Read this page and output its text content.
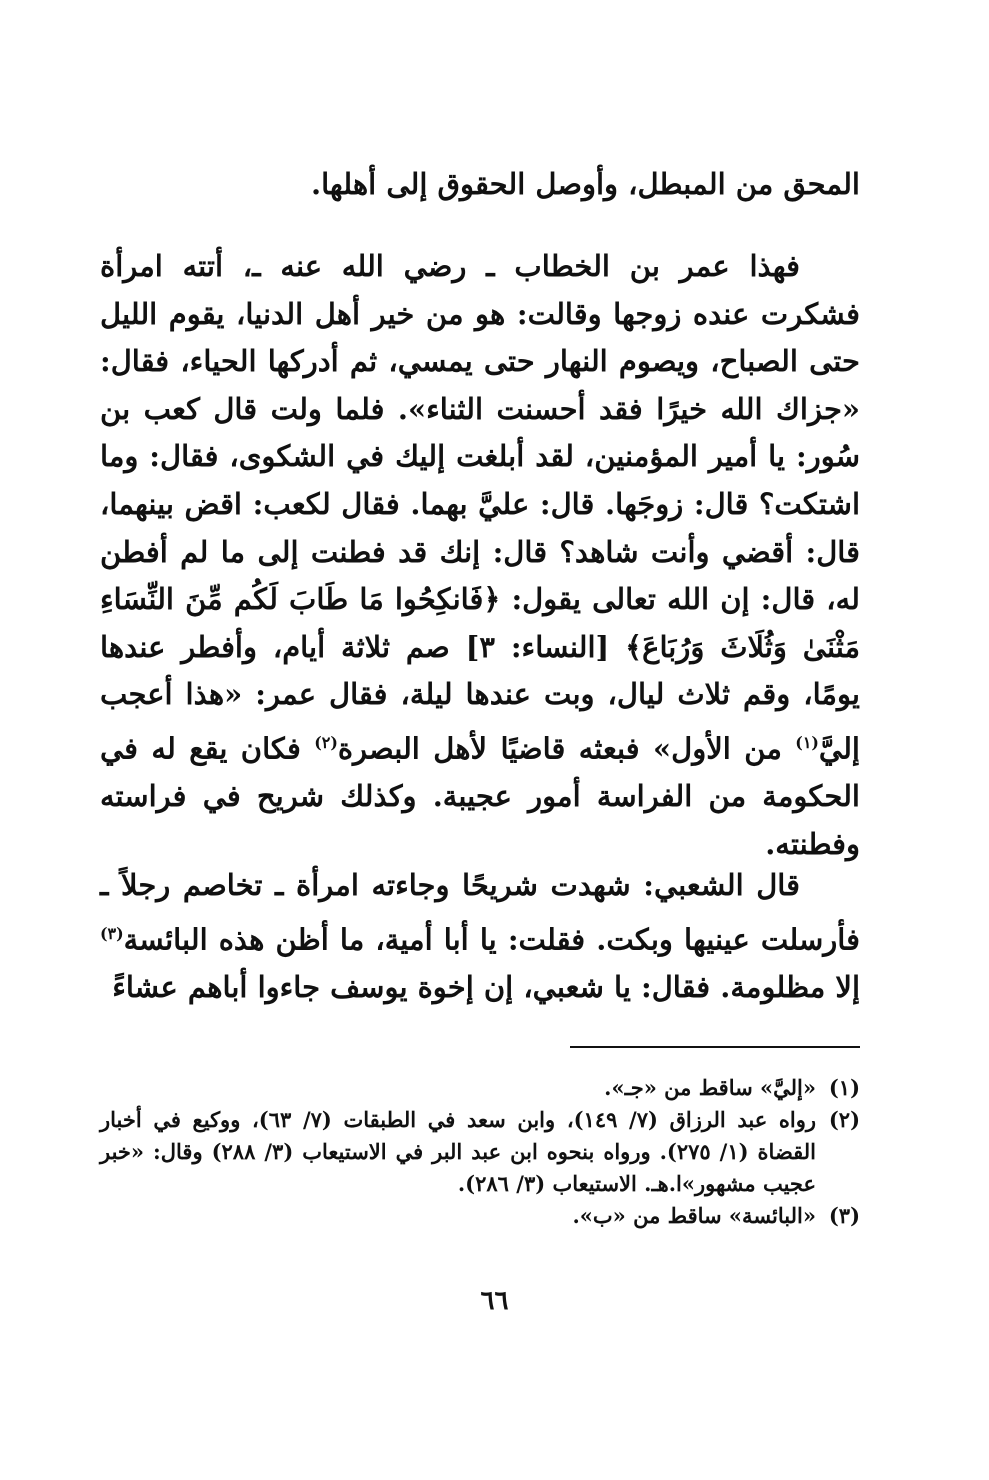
المحق من المبطل، وأوصل الحقوق إلى أهلها.

فهذا عمر بن الخطاب ـ رضي الله عنه ـ، أتته امرأة فشكرت عنده زوجها وقالت: هو من خير أهل الدنيا، يقوم الليل حتى الصباح، ويصوم النهار حتى يمسي، ثم أدركها الحياء، فقال: «جزاك الله خيرًا فقد أحسنت الثناء». فلما ولت قال كعب بن سُور: يا أمير المؤمنين، لقد أبلغت إليك في الشكوى، فقال: وما اشتكت؟ قال: زوجَها. قال: عليَّ بهما. فقال لكعب: اقض بينهما، قال: أقضي وأنت شاهد؟ قال: إنك قد فطنت إلى ما لم أفطن له، قال: إن الله تعالى يقول: ﴿فَانكِحُوا مَا طَابَ لَكُم مِّنَ النِّسَاءِ مَثْنَىٰ وَثُلَاثَ وَرُبَاعَ﴾ [النساء: ٣] صم ثلاثة أيام، وأفطر عندها يومًا، وقم ثلاث ليال، وبت عندها ليلة، فقال عمر: «هذا أعجب إليَّ$^{(١)}$ من الأول» فبعثه قاضيًا لأهل البصرة$^{(٢)}$ فكان يقع له في الحكومة من الفراسة أمور عجيبة. وكذلك شريح في فراسته وفطنته.

قال الشعبي: شهدت شريحًا وجاءته امرأة ـ تخاصم رجلاً ـ فأرسلت عينيها وبكت. فقلت: يا أبا أمية، ما أظن هذه البائسة$^{(٣)}$ إلا مظلومة. فقال: يا شعبي، إن إخوة يوسف جاءوا أباهم عشاءً

(١)
«إليَّ» ساقط من «جـ».
(٢)
رواه عبد الرزاق (٧/ ١٤٩)، وابن سعد في الطبقات (٧/ ٦٣)، ووكيع في أخبار القضاة (١/ ٢٧٥). ورواه بنحوه ابن عبد البر في الاستيعاب (٣/ ٢٨٨) وقال: «خبر عجيب مشهور»ا.هـ. الاستيعاب (٣/ ٢٨٦).
(٣)
«البائسة» ساقط من «ب».
٦٦
